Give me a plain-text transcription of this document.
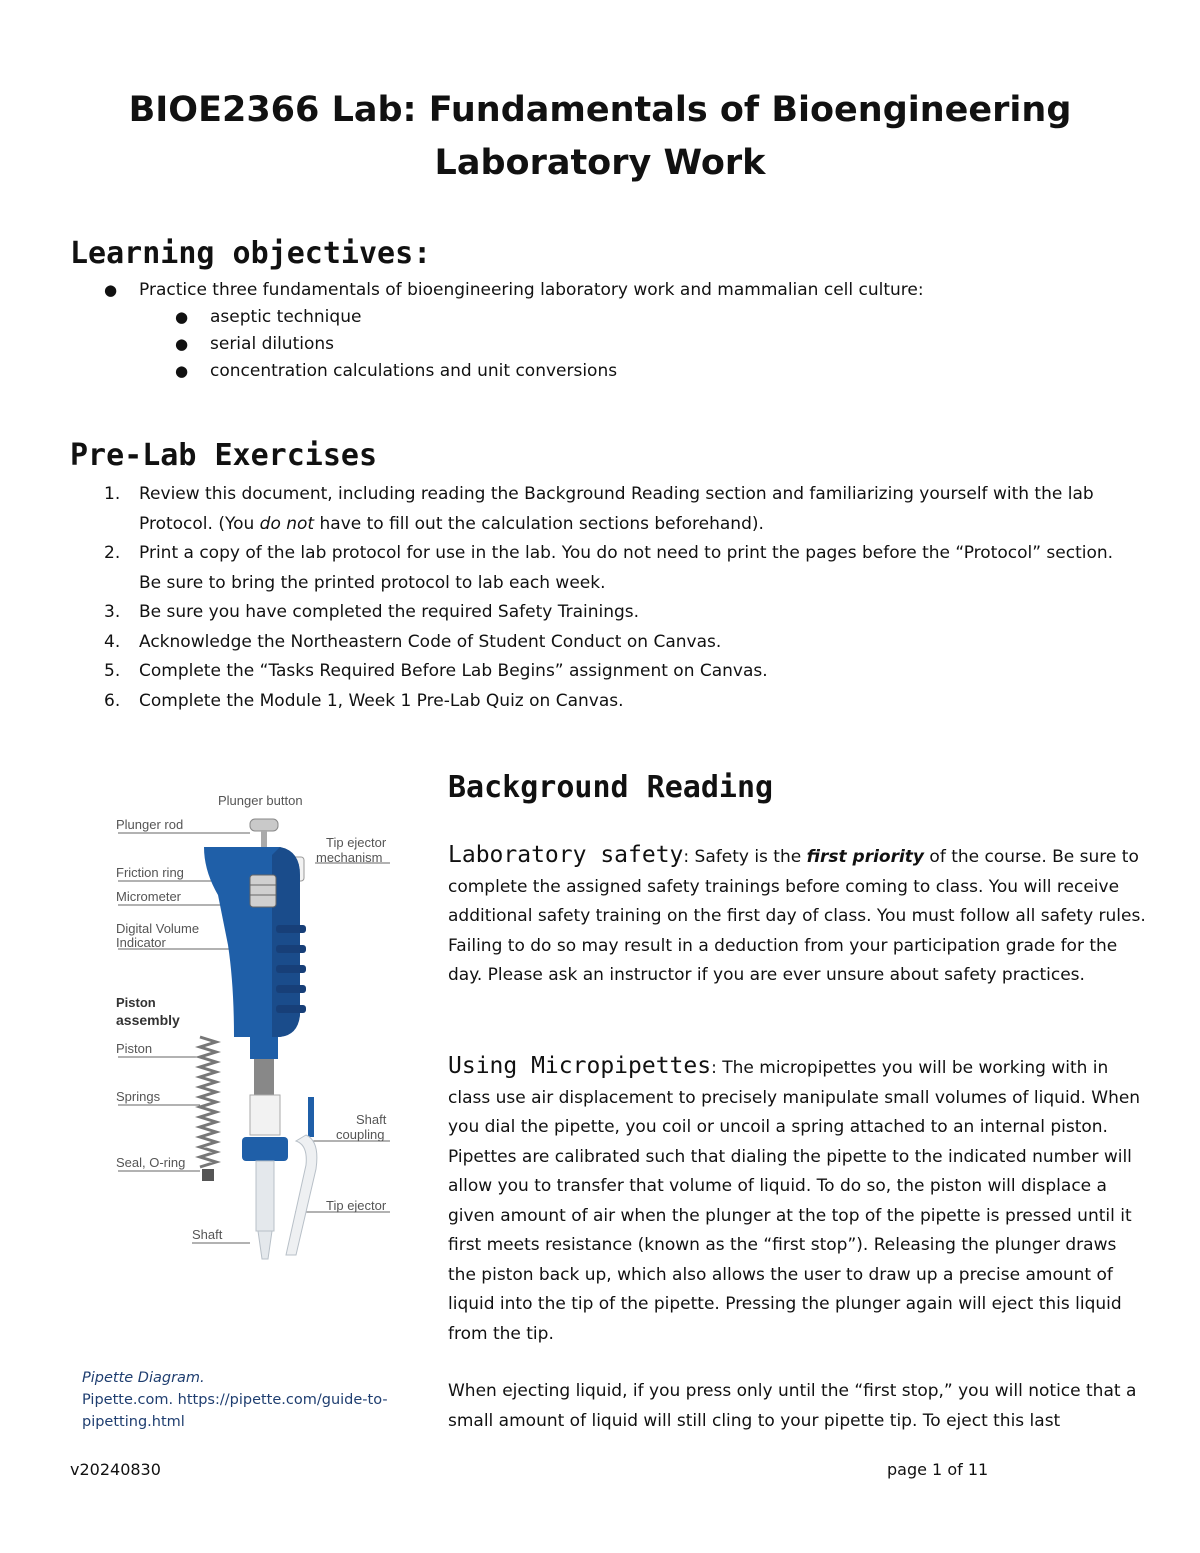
BIOE2366 Lab: Fundamentals of Bioengineering
Laboratory Work
Learning objectives:
● Practice three fundamentals of bioengineering laboratory work and mammalian cell culture:
● aseptic technique
● serial dilutions
● concentration calculations and unit conversions
Pre-Lab Exercises
1. Review this document, including reading the Background Reading section and familiarizing yourself with the lab Protocol. (You do not have to fill out the calculation sections beforehand).
2. Print a copy of the lab protocol for use in the lab. You do not need to print the pages before the “Protocol” section. Be sure to bring the printed protocol to lab each week.
3. Be sure you have completed the required Safety Trainings.
4. Acknowledge the Northeastern Code of Student Conduct on Canvas.
5. Complete the “Tasks Required Before Lab Begins” assignment on Canvas.
6. Complete the Module 1, Week 1 Pre-Lab Quiz on Canvas.
Plunger button
Plunger rod
Tip ejector
mechanism
Friction ring
Micrometer
Digital Volume
Indicator
Piston
assembly
Piston
Springs
Shaft
coupling
Seal, O-ring
Tip ejector
Shaft
Pipette Diagram.
Pipette.com. https://pipette.com/guide-to-pipetting.html
Background Reading

Laboratory safety: Safety is the first priority of the course. Be sure to complete the assigned safety trainings before coming to class. You will receive additional safety training on the first day of class. You must follow all safety rules. Failing to do so may result in a deduction from your participation grade for the day. Please ask an instructor if you are ever unsure about safety practices.

Using Micropipettes: The micropipettes you will be working with in class use air displacement to precisely manipulate small volumes of liquid. When you dial the pipette, you coil or uncoil a spring attached to an internal piston. Pipettes are calibrated such that dialing the pipette to the indicated number will allow you to transfer that volume of liquid. To do so, the piston will displace a given amount of air when the plunger at the top of the pipette is pressed until it first meets resistance (known as the “first stop”). Releasing the plunger draws the piston back up, which also allows the user to draw up a precise amount of liquid into the tip of the pipette. Pressing the plunger again will eject this liquid from the tip.

When ejecting liquid, if you press only until the “first stop,” you will notice that a small amount of liquid will still cling to your pipette tip. To eject this last

v20240830	page 1 of 11
